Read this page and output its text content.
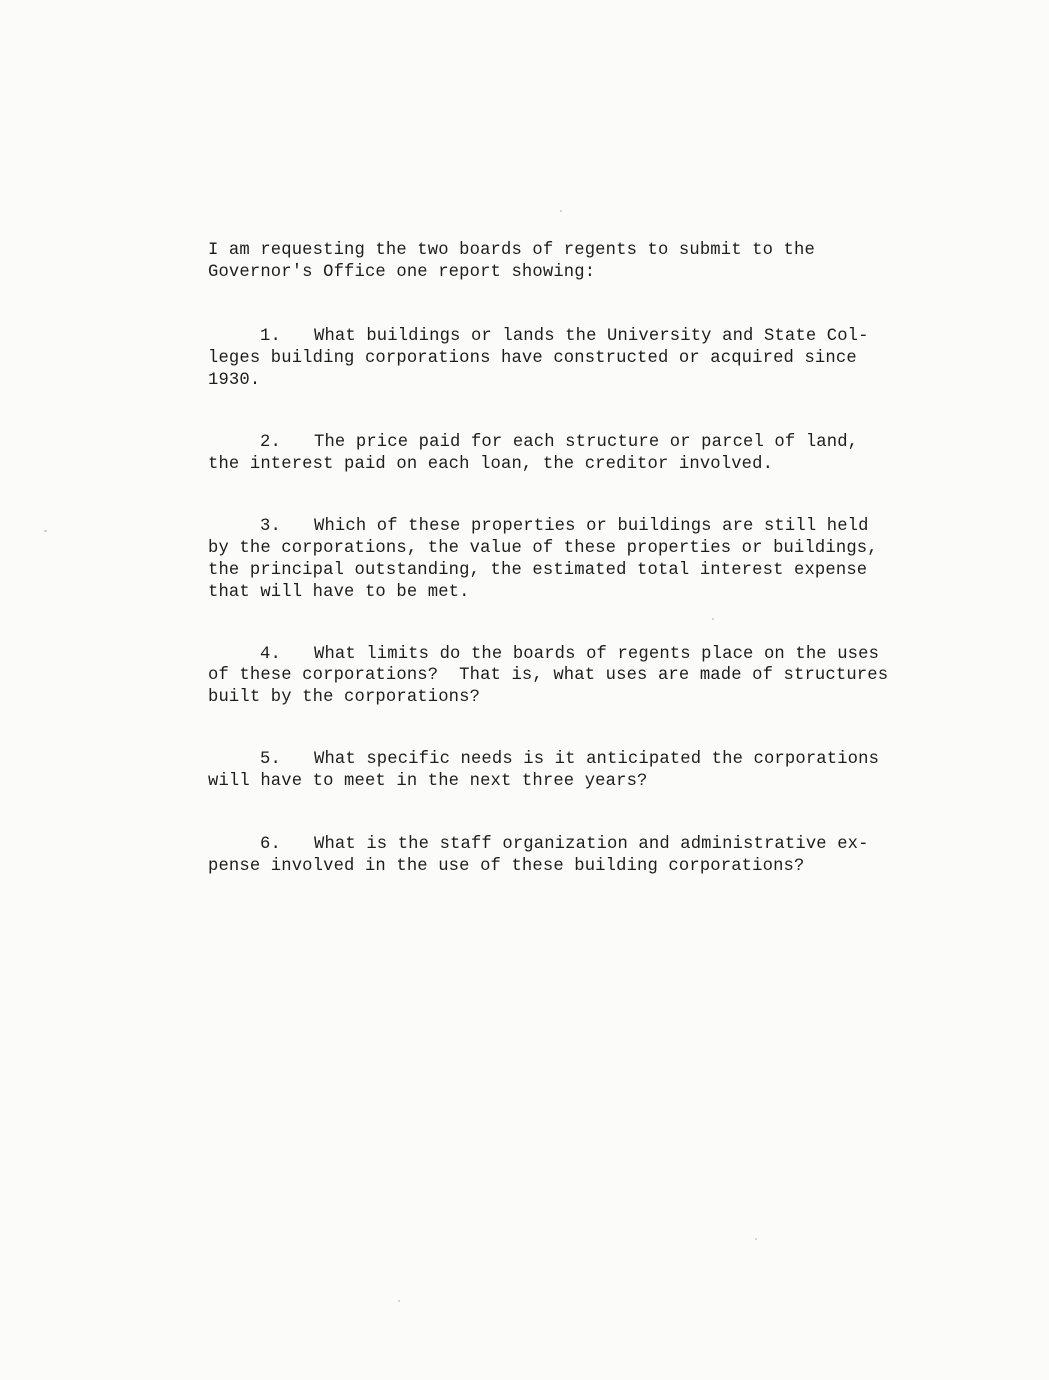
I am requesting the two boards of regents to submit to the
Governor's Office one report showing:
1. What buildings or lands the University and State Col-
leges building corporations have constructed or acquired since
1930.
2. The price paid for each structure or parcel of land,
the interest paid on each loan, the creditor involved.
3. Which of these properties or buildings are still held
by the corporations, the value of these properties or buildings,
the principal outstanding, the estimated total interest expense
that will have to be met.
4. What limits do the boards of regents place on the uses
of these corporations?  That is, what uses are made of structures
built by the corporations?
5. What specific needs is it anticipated the corporations
will have to meet in the next three years?
6. What is the staff organization and administrative ex-
pense involved in the use of these building corporations?
